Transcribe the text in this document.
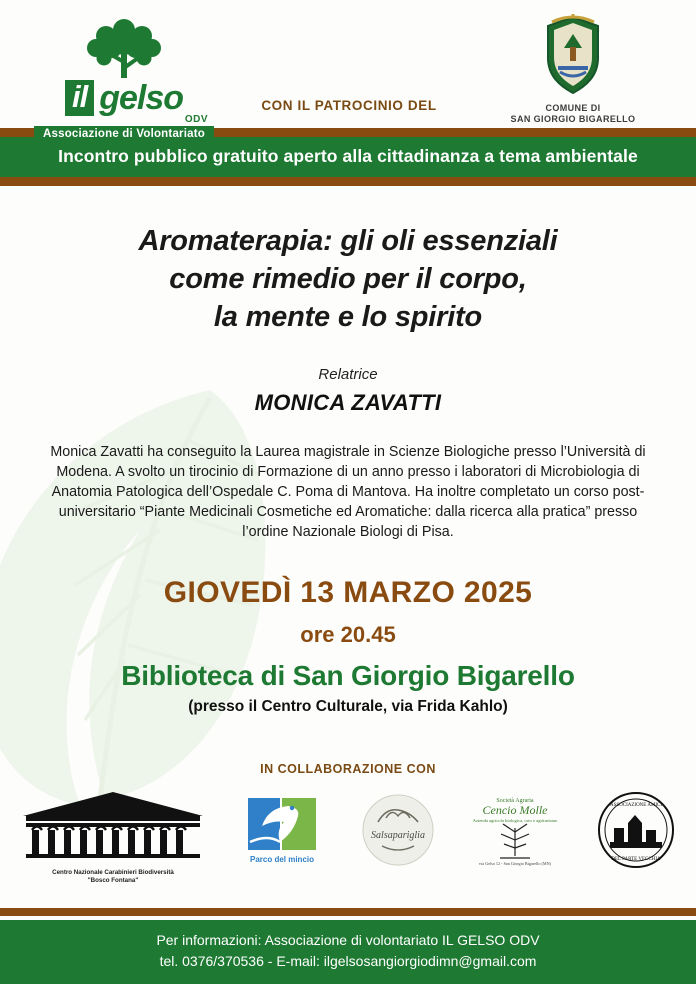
il gelso
ODV
Associazione di Volontariato
CON IL PATROCINIO DEL	COMUNE DI
SAN GIORGIO BIGARELLO
Incontro pubblico gratuito aperto alla cittadinanza a tema ambientale
Aromaterapia: gli oli essenziali
come rimedio per il corpo,
la mente e lo spirito
Relatrice
MONICA ZAVATTI
Monica Zavatti ha conseguito la Laurea magistrale in Scienze Biologiche presso l’Università di Modena. A svolto un tirocinio di Formazione di un anno presso i laboratori di Microbiologia di Anatomia Patologica dell’Ospedale C. Poma di Mantova. Ha inoltre completato un corso post-universitario “Piante Medicinali Cosmetiche ed Aromatiche: dalla ricerca alla pratica” presso l’ordine Nazionale Biologi di Pisa.
GIOVEDÌ 13 MARZO 2025
ore 20.45
Biblioteca di San Giorgio Bigarello
(presso il Centro Culturale, via Frida Kahlo)
IN COLLABORAZIONE CON
Centro Nazionale Carabinieri Biodiversità
"Bosco Fontana"
Parco del mincio

Salsapariglia

Società Agraria
Cencio Molle
Azienda agricola biologica, orto e agriturismo
via Gelso 12 - San Giorgio Bigarello (MN)

ASSOCIAZIONE AMICI
DEL PARTE VECCHIA

Per informazioni: Associazione di volontariato IL GELSO ODV
tel. 0376/370536 - E-mail: ilgelsosangiorgiodimn@gmail.com
